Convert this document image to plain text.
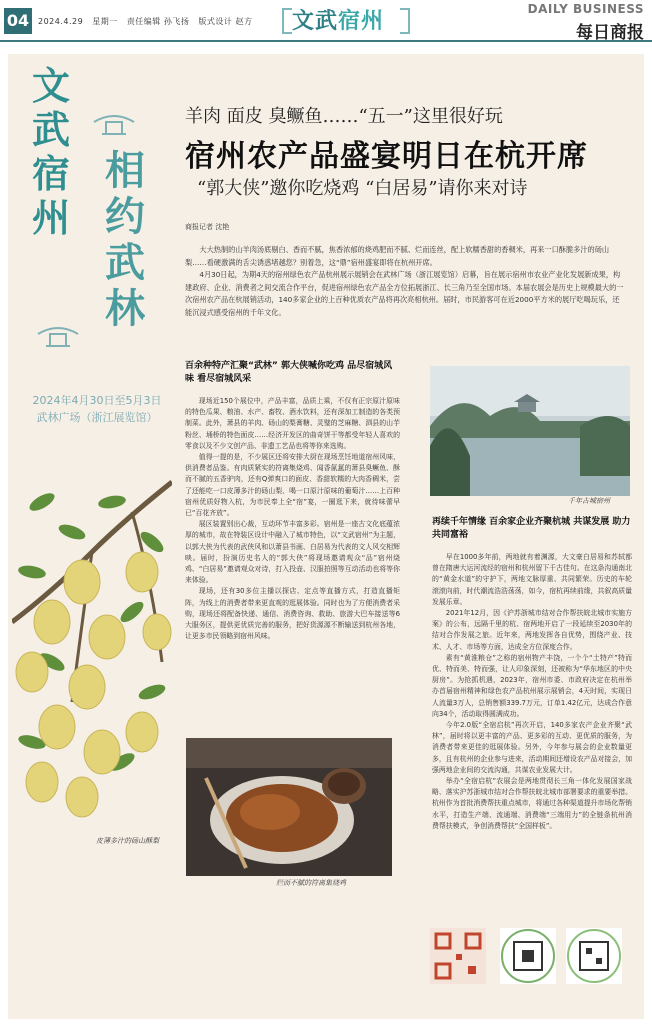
04	2024.4.29 星期一 责任编辑 孙飞扬 版式设计 赵方 文武宿州	DAILY BUSINESS
每日商报
文武宿州
相约武林
2024年4月30日至5月3日
武林广场（浙江展览馆）
羊肉 面皮 臭鳜鱼……“五一”这里很好玩
宿州农产品盛宴明日在杭开席
“郭大侠”邀你吃烧鸡 “白居易”请你来对诗
商报记者 沈艳

大大热制的山羊肉汤底剔白、香而不腻，焦香浓郁的烧鸡肥而不腻、烂而连丝，配上软糯香甜的香稠米，再来一口酥脆多汁的砀山梨……看硬激满的舌尖诱惑堵越您？别着急，这“鼎”宿州盛宴即将在杭州开席。

4月30日起，为期4天的宿州绿色农产品杭州展示展销会在武林广场（浙江展览馆）启幕，旨在展示宿州市农业产业化发展新成果，构建政府、企业、消费者之间交流合作平台，促进宿州绿色农产品全方位拓展浙江、长三角乃至全国市场。本届农展会是历史上规模最大的一次宿州农产品在杭展销活动，140多家企业的上百种优质农产品将再次亮相杭州。届时，市民游客可在近2000平方米的展厅吃喝玩乐，还能沉浸式感受宿州的千年文化。

皮薄多汁的砀山酥梨
百余种特产汇聚“武林” 郭大侠喊你吃鸡 品尽宿城风味 看尽宿城风采

现场近150个展位中，产品丰富，品质上乘，不仅有正宗原汁原味的特色瓜果、粮油、水产、畜牧、酒水饮料，还有深加工制造的各类预制菜。此外，萧县的羊肉、砀山的梨膏糖、灵璧的芝麻糖、泗县的山芋粉丝、埇桥的特色面皮……经济开发区的曲奇饼干等都受年轻人喜欢的零食以及不少文创产品、非遗工艺品也将等你来选购。

值得一提的是，不少展区还将安排大厨在现场烹饪地道宿州风味，供消费者品鉴。有肉质紧实的符离集烧鸡、闻香氤氲的萧县臭鳜鱼、酥而不腻的五香驴肉，还有Q弹爽口的面皮、香甜软糯的大肉香稠米，尝了还能吃一口皮薄多汁的砀山梨、喝一口原汁原味的葡萄汁……上百种宿州优质好物入杭，为市民奉上全“宿”宴，一圈逛下来，就待味蕾早已“百花齐放”。

展区装置别出心裁，互动环节丰富多彩。宿州是一座古文化底蕴浓厚的城市，故在特装区设计中融入了城市特色，以“文武宿州”为主题，以郭大侠为代表的武侠风和以萧县书画、白居易为代表的文人风交相辉映。届时，扮演历史名人的“郭大侠”将现场邀请观众“品”宿州烧鸡、“白居易”邀请观众对诗，打入投壶、汉服拍照等互动活动也将等你来体验。

现场，还有30多位主播以探店、定点等直播方式，打造直播矩阵，为线上的消费者带来更直观的逛展体验。同时也为了方便消费者采购，现场还将配备快递、通信、消费咨询、救助、旅游大巴车接送等6大服务区，提供更优质完善的服务，把好货源源不断输送到杭州各地，让更多市民领略到宿州风味。

烂而不腻的符离集烧鸡
千年古城宿州
再续千年情缘 百余家企业齐聚杭城 共谋发展 助力共同富裕

早在1000多年前，两地就有着渊源，大文豪白居易和苏轼都曾在隋唐大运河流经的宿州和杭州留下千古佳句。在这条沟通南北的“黄金水道”的守护下，两地文脉厚重、共同繁荣。历史的车轮滚滚向前，时代潮流浩浩荡荡，如今，宿杭再续前缘，共叙高质量发展乐章。

2021年12月，因《沪苏浙城市结对合作帮扶皖北城市实施方案》的公布，远隔千里的杭、宿两地开启了一段延续至2030年的结对合作发展之旅。近年来，两地发挥各自优势，围绕产业、技术、人才、市场等方面，达成全方位深度合作。

素有“黄淮粮仓”之称的宿州物产丰饶，一个个“土特产”特而优、特而美、特而强，让人印象深刻，还被称为“华东地区的中央厨房”。为抢抓机遇，2023年，宿州市委、市政府决定在杭州举办首届宿州精神和绿色农产品杭州展示展销会，4天时间，实现日人流量3万人，总销售额339.7万元，订单1.42亿元，达成合作意向34个，活动取得圆满成功。

今年2.0版“全宿启杭”再次开启，140多家农产企业齐聚“武林”，届时将以更丰富的产品、更多彩的互动、更优质的服务，为消费者带来更佳的逛展体验。另外，今年参与展会的企业数量更多，且有杭州的企业参与进来，活动期间还增设农产品对接会，加强两地企业间的交流沟通，共谋农业发展大计。

举办“全宿启杭”农展会是两地贯彻长三角一体化发展国家战略、落实沪苏浙城市结对合作帮扶皖北城市部署要求的重要举措。杭州作为首批消费帮扶重点城市，将通过各种渠道提升市场化帮销水平，打造生产端、流通端、消费端“三端用力”的全链条杭州消费帮扶模式，争创消费帮扶“全国样板”。
